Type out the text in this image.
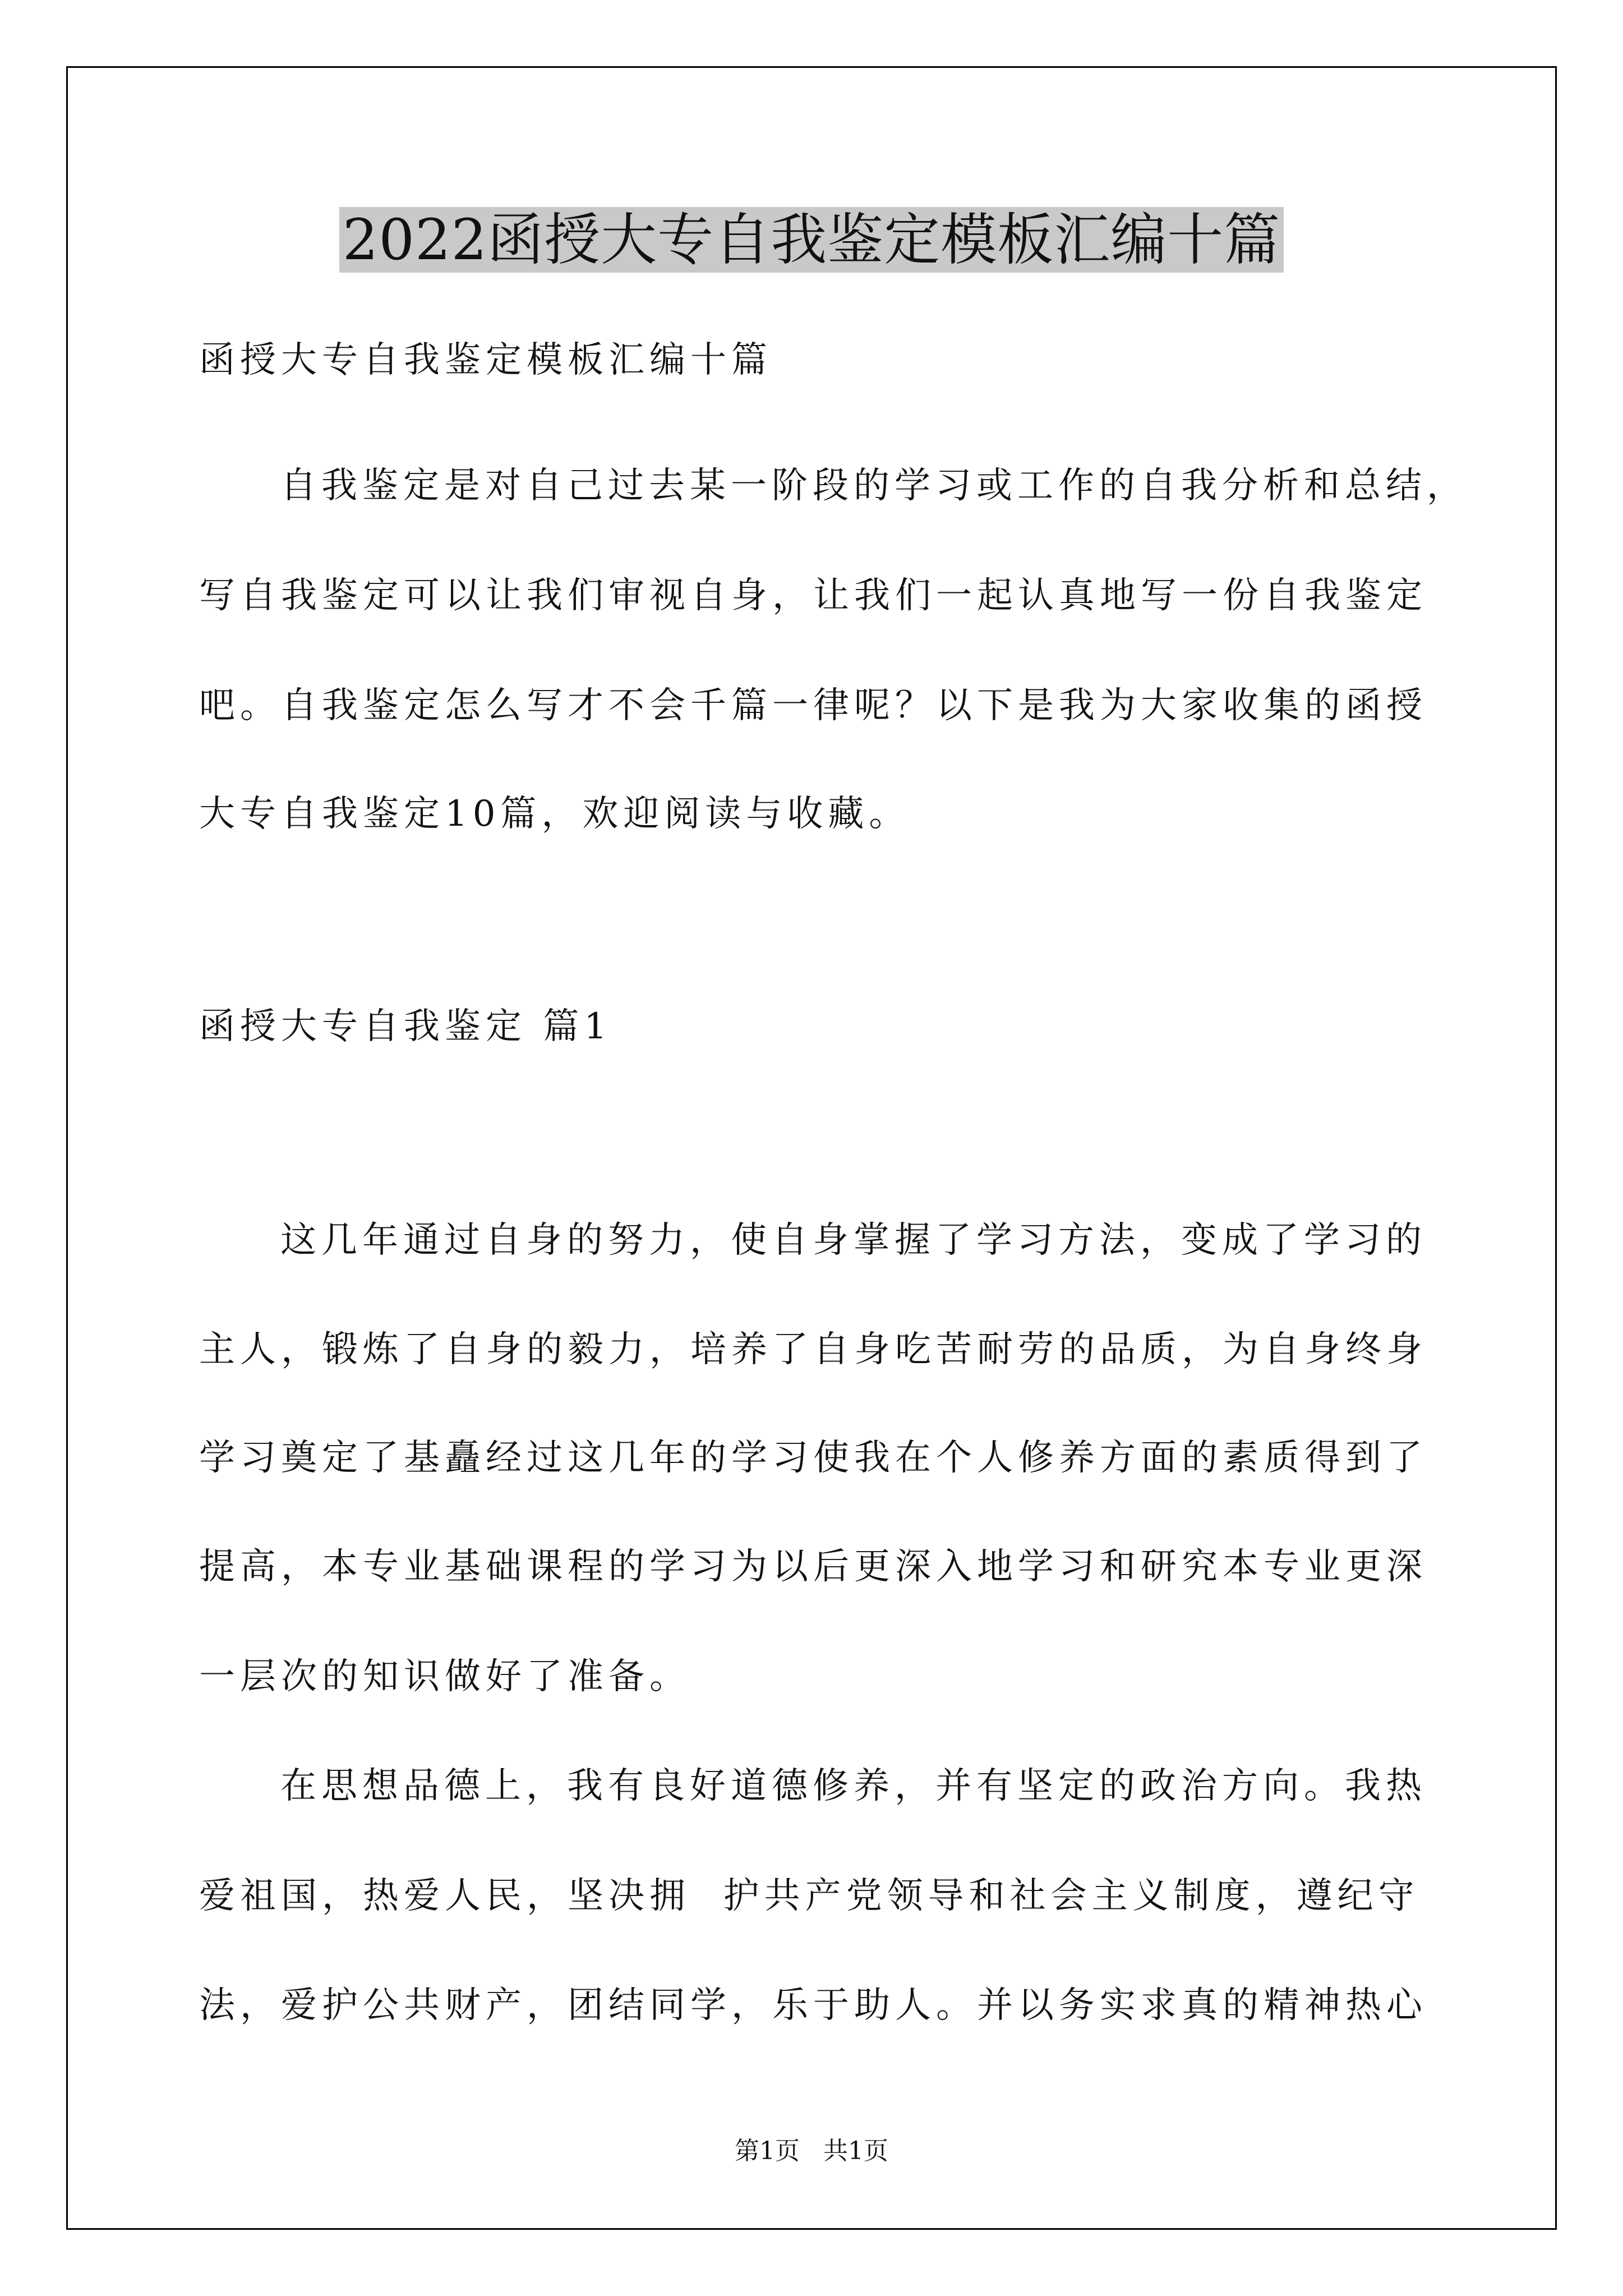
2022函授大专自我鉴定模板汇编十篇
函授大专自我鉴定模板汇编十篇
自我鉴定是对自己过去某一阶段的学习或工作的自我分析和总结，
写自我鉴定可以让我们审视自身，让我们一起认真地写一份自我鉴定
吧。自我鉴定怎么写才不会千篇一律呢？以下是我为大家收集的函授
大专自我鉴定10篇，欢迎阅读与收藏。
函授大专自我鉴定 篇1
这几年通过自身的努力，使自身掌握了学习方法，变成了学习的
主人，锻炼了自身的毅力，培养了自身吃苦耐劳的品质，为自身终身
学习奠定了基矗经过这几年的学习使我在个人修养方面的素质得到了
提高，本专业基础课程的学习为以后更深入地学习和研究本专业更深
一层次的知识做好了准备。
在思想品德上，我有良好道德修养，并有坚定的政治方向。我热
爱祖国，热爱人民，坚决拥  护共产党领导和社会主义制度，遵纪守
法，爱护公共财产，团结同学，乐于助人。并以务实求真的精神热心
第1页   共1页
